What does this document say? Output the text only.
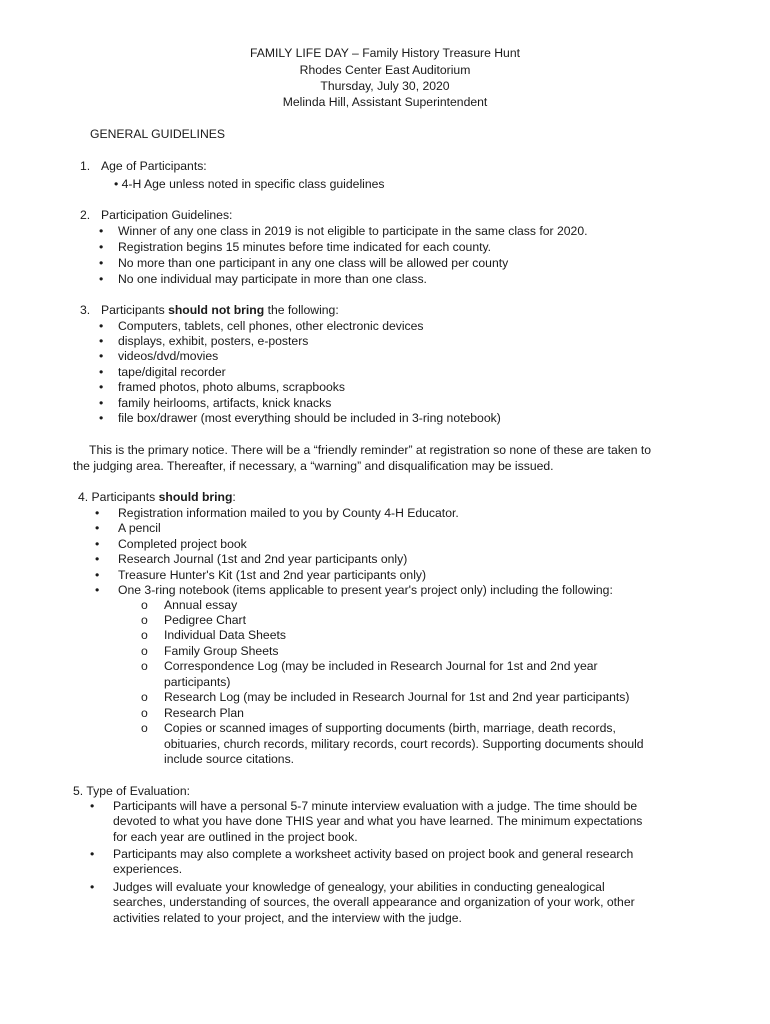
FAMILY LIFE DAY – Family History Treasure Hunt
Rhodes Center East Auditorium
Thursday, July 30, 2020
Melinda Hill, Assistant Superintendent
GENERAL GUIDELINES
1. Age of Participants:
• 4-H Age unless noted in specific class guidelines
2. Participation Guidelines:
• Winner of any one class in 2019 is not eligible to participate in the same class for 2020.
• Registration begins 15 minutes before time indicated for each county.
• No more than one participant in any one class will be allowed per county
• No one individual may participate in more than one class.
3. Participants should not bring the following:
• Computers, tablets, cell phones, other electronic devices
• displays, exhibit, posters, e-posters
• videos/dvd/movies
• tape/digital recorder
• framed photos, photo albums, scrapbooks
• family heirlooms, artifacts, knick knacks
• file box/drawer (most everything should be included in 3-ring notebook)
This is the primary notice. There will be a “friendly reminder” at registration so none of these are taken to
the judging area. Thereafter, if necessary, a “warning” and disqualification may be issued.
4. Participants should bring:
• Registration information mailed to you by County 4-H Educator.
• A pencil
• Completed project book
• Research Journal (1st and 2nd year participants only)
• Treasure Hunter's Kit (1st and 2nd year participants only)
• One 3-ring notebook (items applicable to present year's project only) including the following:
o Annual essay
o Pedigree Chart
o Individual Data Sheets
o Family Group Sheets
o Correspondence Log (may be included in Research Journal for 1st and 2nd year
participants)
o Research Log (may be included in Research Journal for 1st and 2nd year participants)
o Research Plan
o Copies or scanned images of supporting documents (birth, marriage, death records,
obituaries, church records, military records, court records). Supporting documents should
include source citations.
5. Type of Evaluation:
• Participants will have a personal 5-7 minute interview evaluation with a judge. The time should be
devoted to what you have done THIS year and what you have learned. The minimum expectations
for each year are outlined in the project book.
• Participants may also complete a worksheet activity based on project book and general research
experiences.
• Judges will evaluate your knowledge of genealogy, your abilities in conducting genealogical
searches, understanding of sources, the overall appearance and organization of your work, other
activities related to your project, and the interview with the judge.
